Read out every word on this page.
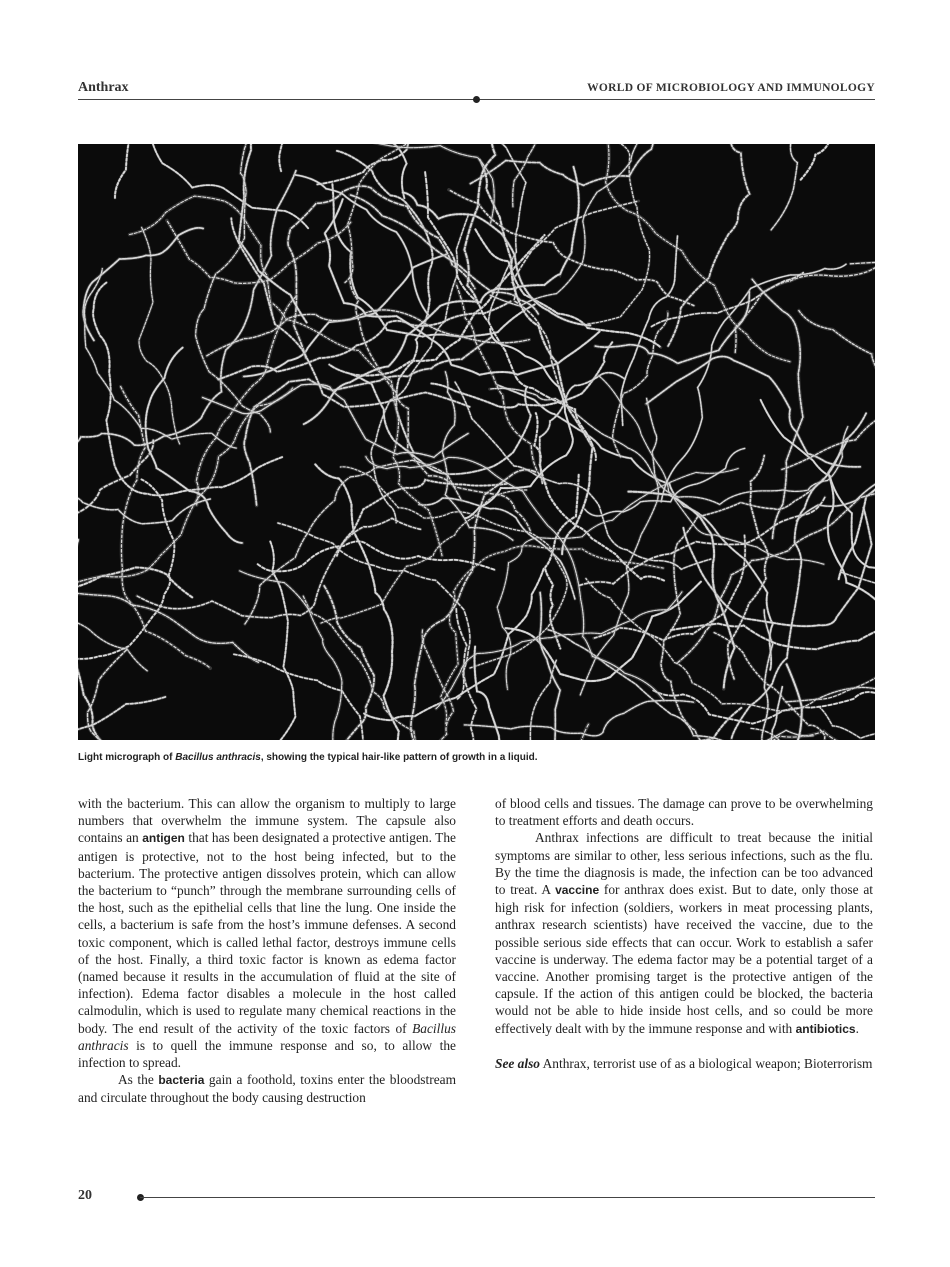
Anthrax	WORLD OF MICROBIOLOGY AND IMMUNOLOGY
Light micrograph of Bacillus anthracis, showing the typical hair-like pattern of growth in a liquid.

with the bacterium. This can allow the organism to multiply to large numbers that overwhelm the immune system. The capsule also contains an antigen that has been designated a protective antigen. The antigen is protective, not to the host being infected, but to the bacterium. The protective antigen dissolves protein, which can allow the bacterium to “punch” through the membrane surrounding cells of the host, such as the epithelial cells that line the lung. One inside the cells, a bacterium is safe from the host’s immune defenses. A second toxic component, which is called lethal factor, destroys immune cells of the host. Finally, a third toxic factor is known as edema factor (named because it results in the accumulation of fluid at the site of infection). Edema factor disables a molecule in the host called calmodulin, which is used to regulate many chemical reactions in the body. The end result of the activity of the toxic factors of Bacillus anthracis is to quell the immune response and so, to allow the infection to spread.

As the bacteria gain a foothold, toxins enter the bloodstream and circulate throughout the body causing destruction

of blood cells and tissues. The damage can prove to be overwhelming to treatment efforts and death occurs.

Anthrax infections are difficult to treat because the initial symptoms are similar to other, less serious infections, such as the flu. By the time the diagnosis is made, the infection can be too advanced to treat. A vaccine for anthrax does exist. But to date, only those at high risk for infection (soldiers, workers in meat processing plants, anthrax research scientists) have received the vaccine, due to the possible serious side effects that can occur. Work to establish a safer vaccine is underway. The edema factor may be a potential target of a vaccine. Another promising target is the protective antigen of the capsule. If the action of this antigen could be blocked, the bacteria would not be able to hide inside host cells, and so could be more effectively dealt with by the immune response and with antibiotics.

See also Anthrax, terrorist use of as a biological weapon; Bioterrorism

20
